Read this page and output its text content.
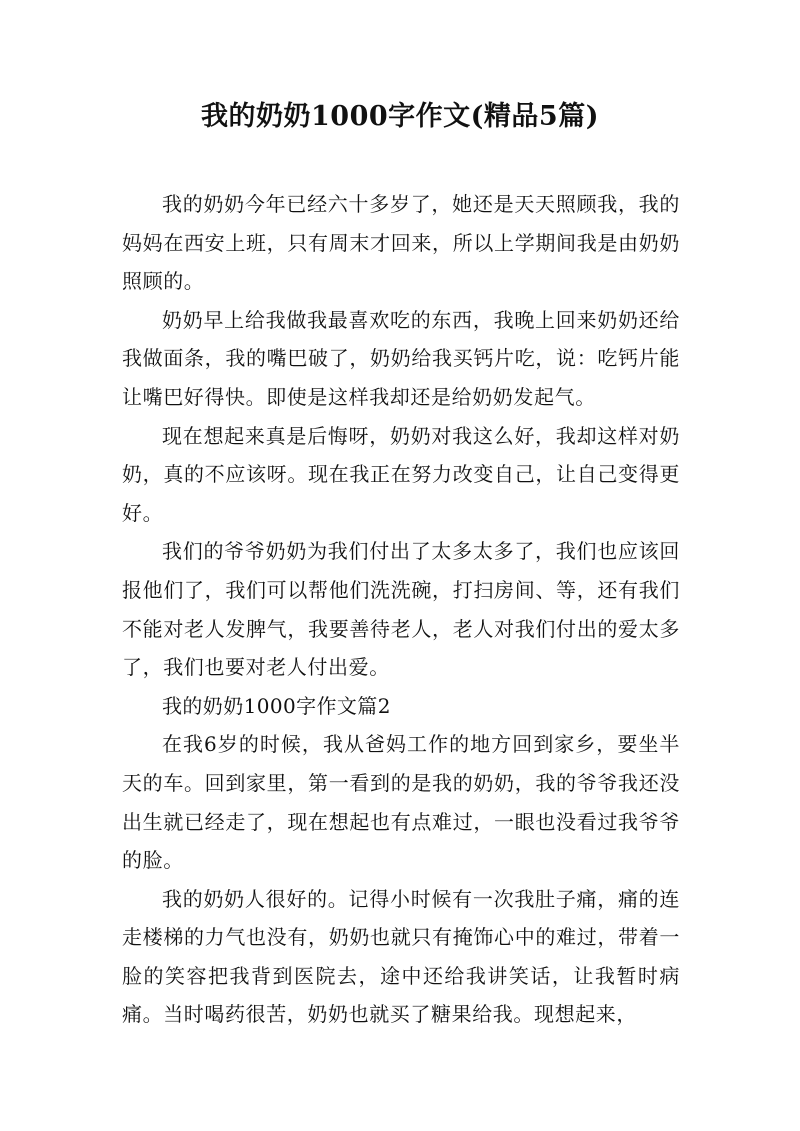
我的奶奶1000字作文(精品5篇)

我的奶奶今年已经六十多岁了，她还是天天照顾我，我的妈妈在西安上班，只有周末才回来，所以上学期间我是由奶奶照顾的。

奶奶早上给我做我最喜欢吃的东西，我晚上回来奶奶还给我做面条，我的嘴巴破了，奶奶给我买钙片吃，说：吃钙片能让嘴巴好得快。即使是这样我却还是给奶奶发起气。

现在想起来真是后悔呀，奶奶对我这么好，我却这样对奶奶，真的不应该呀。现在我正在努力改变自己，让自己变得更好。

我们的爷爷奶奶为我们付出了太多太多了，我们也应该回报他们了，我们可以帮他们洗洗碗，打扫房间、等，还有我们不能对老人发脾气，我要善待老人，老人对我们付出的爱太多了，我们也要对老人付出爱。

我的奶奶1000字作文篇2

在我6岁的时候，我从爸妈工作的地方回到家乡，要坐半天的车。回到家里，第一看到的是我的奶奶，我的爷爷我还没出生就已经走了，现在想起也有点难过，一眼也没看过我爷爷的脸。

我的奶奶人很好的。记得小时候有一次我肚子痛，痛的连走楼梯的力气也没有，奶奶也就只有掩饰心中的难过，带着一脸的笑容把我背到医院去，途中还给我讲笑话，让我暂时病痛。当时喝药很苦，奶奶也就买了糖果给我。现想起来，
